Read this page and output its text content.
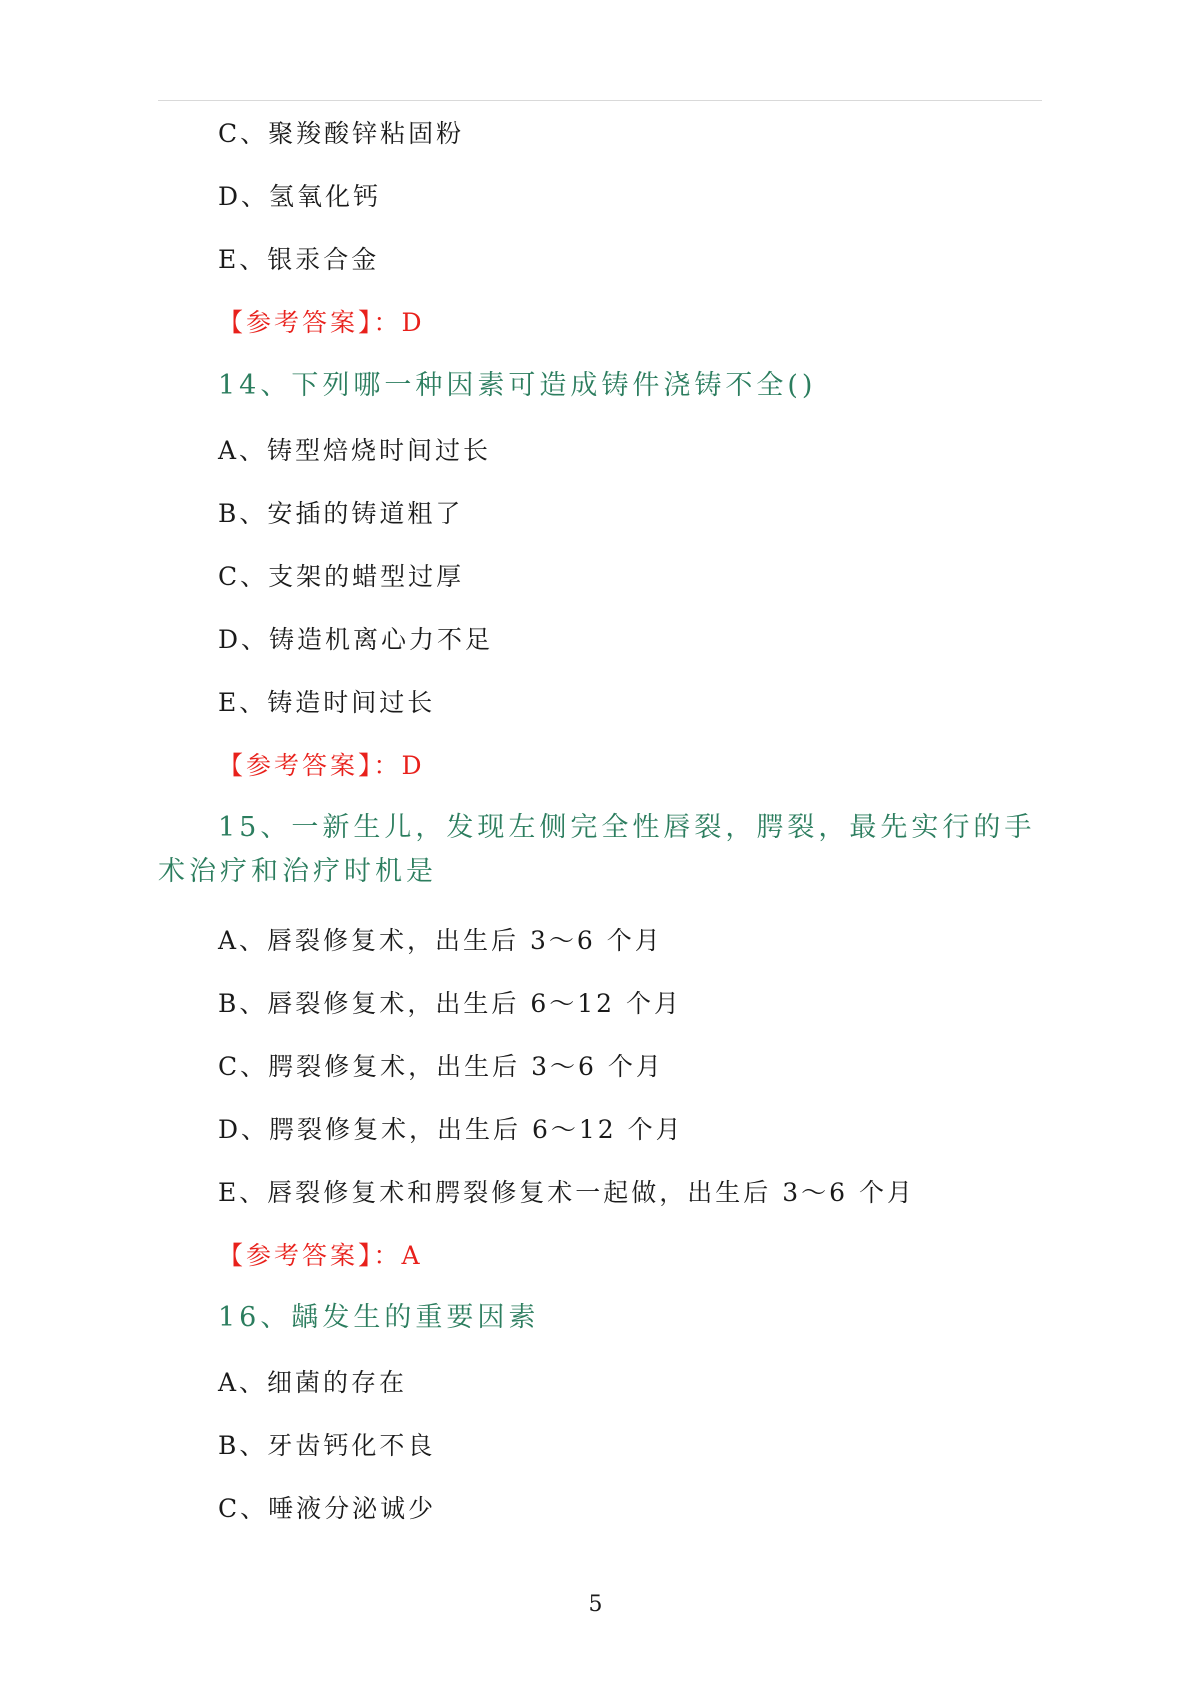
C、聚羧酸锌粘固粉
D、氢氧化钙
E、银汞合金
【参考答案】：D
14、下列哪一种因素可造成铸件浇铸不全()
A、铸型焙烧时间过长
B、安插的铸道粗了
C、支架的蜡型过厚
D、铸造机离心力不足
E、铸造时间过长
【参考答案】：D
15、一新生儿，发现左侧完全性唇裂，腭裂，最先实行的手术治疗和治疗时机是
A、唇裂修复术，出生后 3～6 个月
B、唇裂修复术，出生后 6～12 个月
C、腭裂修复术，出生后 3～6 个月
D、腭裂修复术，出生后 6～12 个月
E、唇裂修复术和腭裂修复术一起做，出生后 3～6 个月
【参考答案】：A
16、龋发生的重要因素
A、细菌的存在
B、牙齿钙化不良
C、唾液分泌诚少
5
